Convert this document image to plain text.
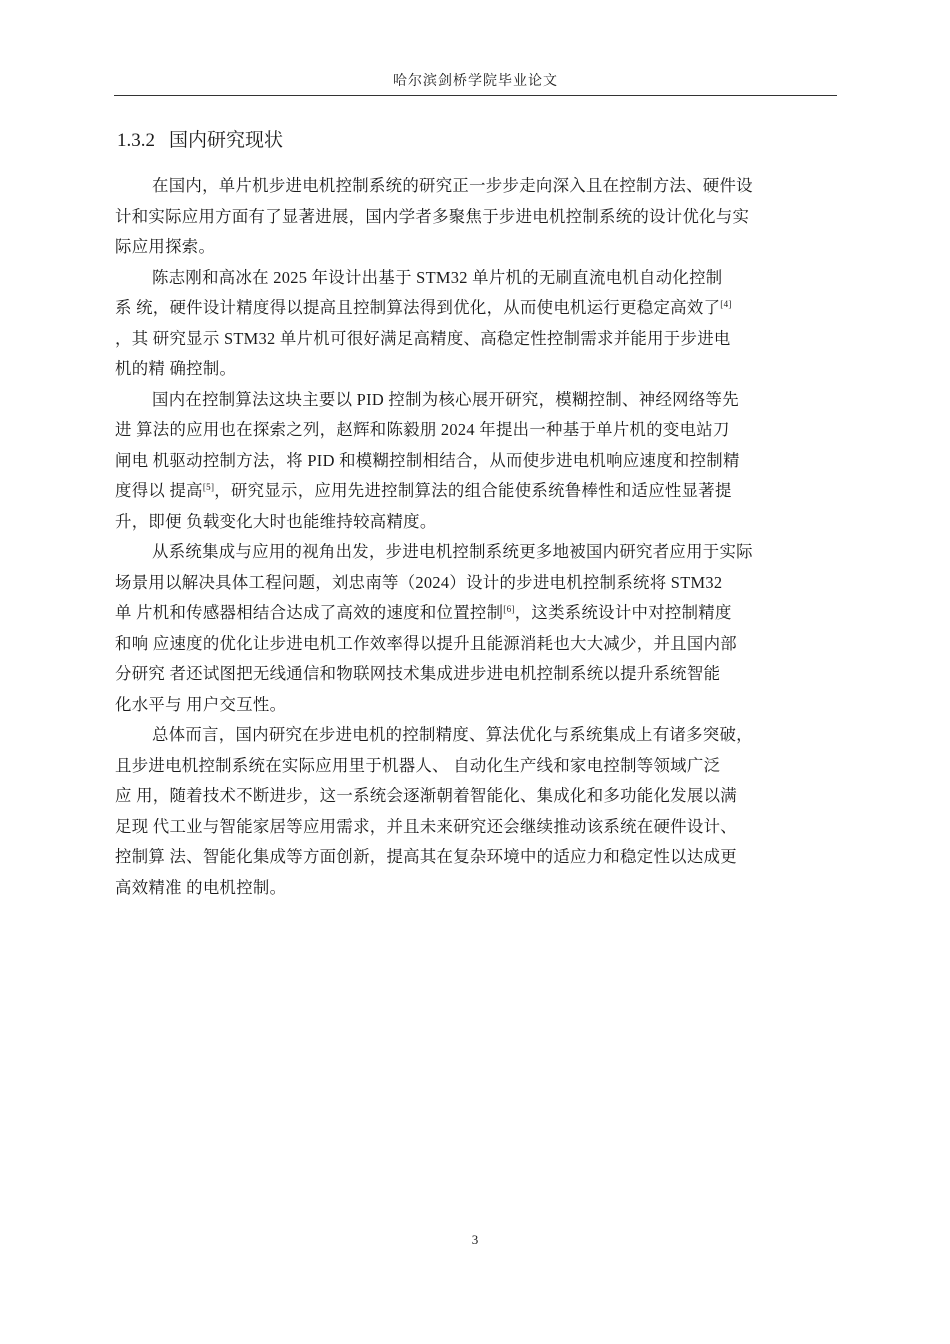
哈尔滨剑桥学院毕业论文
1.3.2 国内研究现状

在国内，单片机步进电机控制系统的研究正一步步走向深入且在控制方法、硬件设
计和实际应用方面有了显著进展，国内学者多聚焦于步进电机控制系统的设计优化与实
际应用探索。

陈志刚和高冰在 2025 年设计出基于 STM32 单片机的无刷直流电机自动化控制
系 统，硬件设计精度得以提高且控制算法得到优化，从而使电机运行更稳定高效了[4]
，其 研究显示 STM32 单片机可很好满足高精度、高稳定性控制需求并能用于步进电
机的精 确控制。

国内在控制算法这块主要以 PID 控制为核心展开研究，模糊控制、神经网络等先
进 算法的应用也在探索之列，赵辉和陈毅朋 2024 年提出一种基于单片机的变电站刀
闸电 机驱动控制方法，将 PID 和模糊控制相结合，从而使步进电机响应速度和控制精
度得以 提高[5]，研究显示，应用先进控制算法的组合能使系统鲁棒性和适应性显著提
升，即便 负载变化大时也能维持较高精度。

从系统集成与应用的视角出发，步进电机控制系统更多地被国内研究者应用于实际
场景用以解决具体工程问题，刘忠南等（2024）设计的步进电机控制系统将 STM32
单 片机和传感器相结合达成了高效的速度和位置控制[6]，这类系统设计中对控制精度
和响 应速度的优化让步进电机工作效率得以提升且能源消耗也大大减少，并且国内部
分研究 者还试图把无线通信和物联网技术集成进步进电机控制系统以提升系统智能
化水平与 用户交互性。

总体而言，国内研究在步进电机的控制精度、算法优化与系统集成上有诸多突破，
且步进电机控制系统在实际应用里于机器人、 自动化生产线和家电控制等领域广泛
应 用，随着技术不断进步，这一系统会逐渐朝着智能化、集成化和多功能化发展以满
足现 代工业与智能家居等应用需求，并且未来研究还会继续推动该系统在硬件设计、
控制算 法、智能化集成等方面创新，提高其在复杂环境中的适应力和稳定性以达成更
高效精准 的电机控制。

3
